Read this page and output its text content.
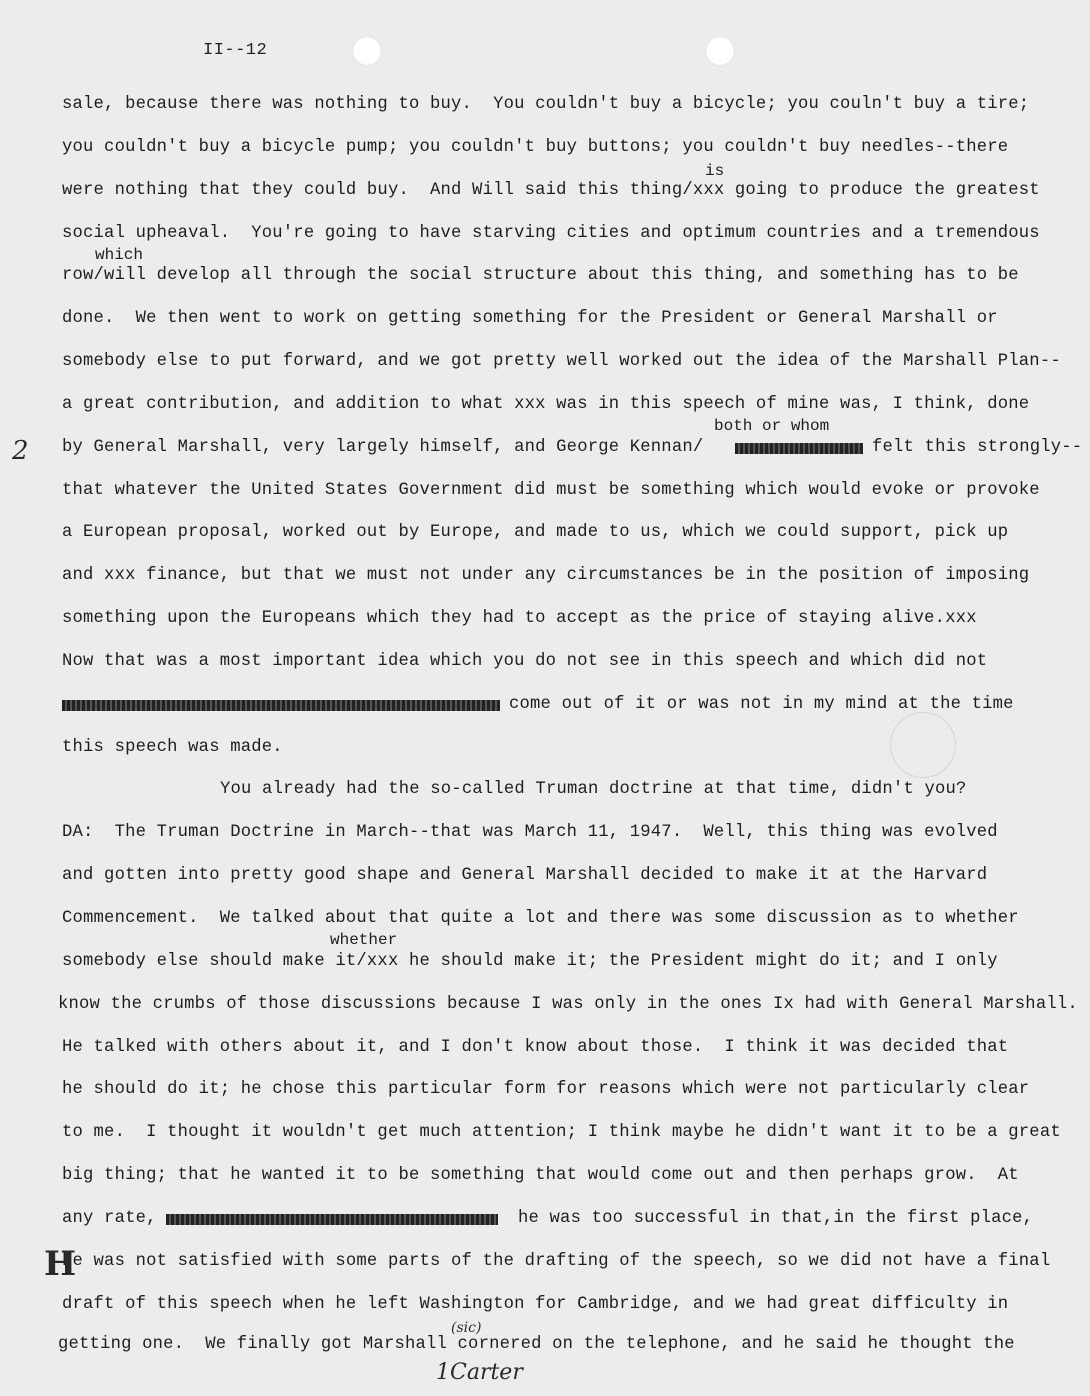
II--12
is
which
both or whom
whether
sale, because there was nothing to buy.  You couldn't buy a bicycle; you couln't buy a tire;
you couldn't buy a bicycle pump; you couldn't buy buttons; you couldn't buy needles--there
were nothing that they could buy.  And Will said this thing/xxx going to produce the greatest
social upheaval.  You're going to have starving cities and optimum countries and a tremendous
row/will develop all through the social structure about this thing, and something has to be
done.  We then went to work on getting something for the President or General Marshall or
somebody else to put forward, and we got pretty well worked out the idea of the Marshall Plan--
a great contribution, and addition to what xxx was in this speech of mine was, I think, done
by General Marshall, very largely himself, and George Kennan/	felt this strongly--
that whatever the United States Government did must be something which would evoke or provoke
a European proposal, worked out by Europe, and made to us, which we could support, pick up
and xxx finance, but that we must not under any circumstances be in the position of imposing
something upon the Europeans which they had to accept as the price of staying alive.xxx
Now that was a most important idea which you do not see in this speech and which did not
come out of it or was not in my mind at the time
this speech was made.
You already had the so-called Truman doctrine at that time, didn't you?
DA:  The Truman Doctrine in March--that was March 11, 1947.  Well, this thing was evolved
and gotten into pretty good shape and General Marshall decided to make it at the Harvard
Commencement.  We talked about that quite a lot and there was some discussion as to whether
somebody else should make it/xxx he should make it; the President might do it; and I only
know the crumbs of those discussions because I was only in the ones Ix had with General Marshall.
He talked with others about it, and I don't know about those.  I think it was decided that
he should do it; he chose this particular form for reasons which were not particularly clear
to me.  I thought it wouldn't get much attention; I think maybe he didn't want it to be a great
big thing; that he wanted it to be something that would come out and then perhaps grow.  At
any rate,	he was too successful in that,in the first place,
he was not satisfied with some parts of the drafting of the speech, so we did not have a final
draft of this speech when he left Washington for Cambridge, and we had great difficulty in
getting one.  We finally got Marshall cornered on the telephone, and he said he thought the
2
H
(sic)
1Carter
